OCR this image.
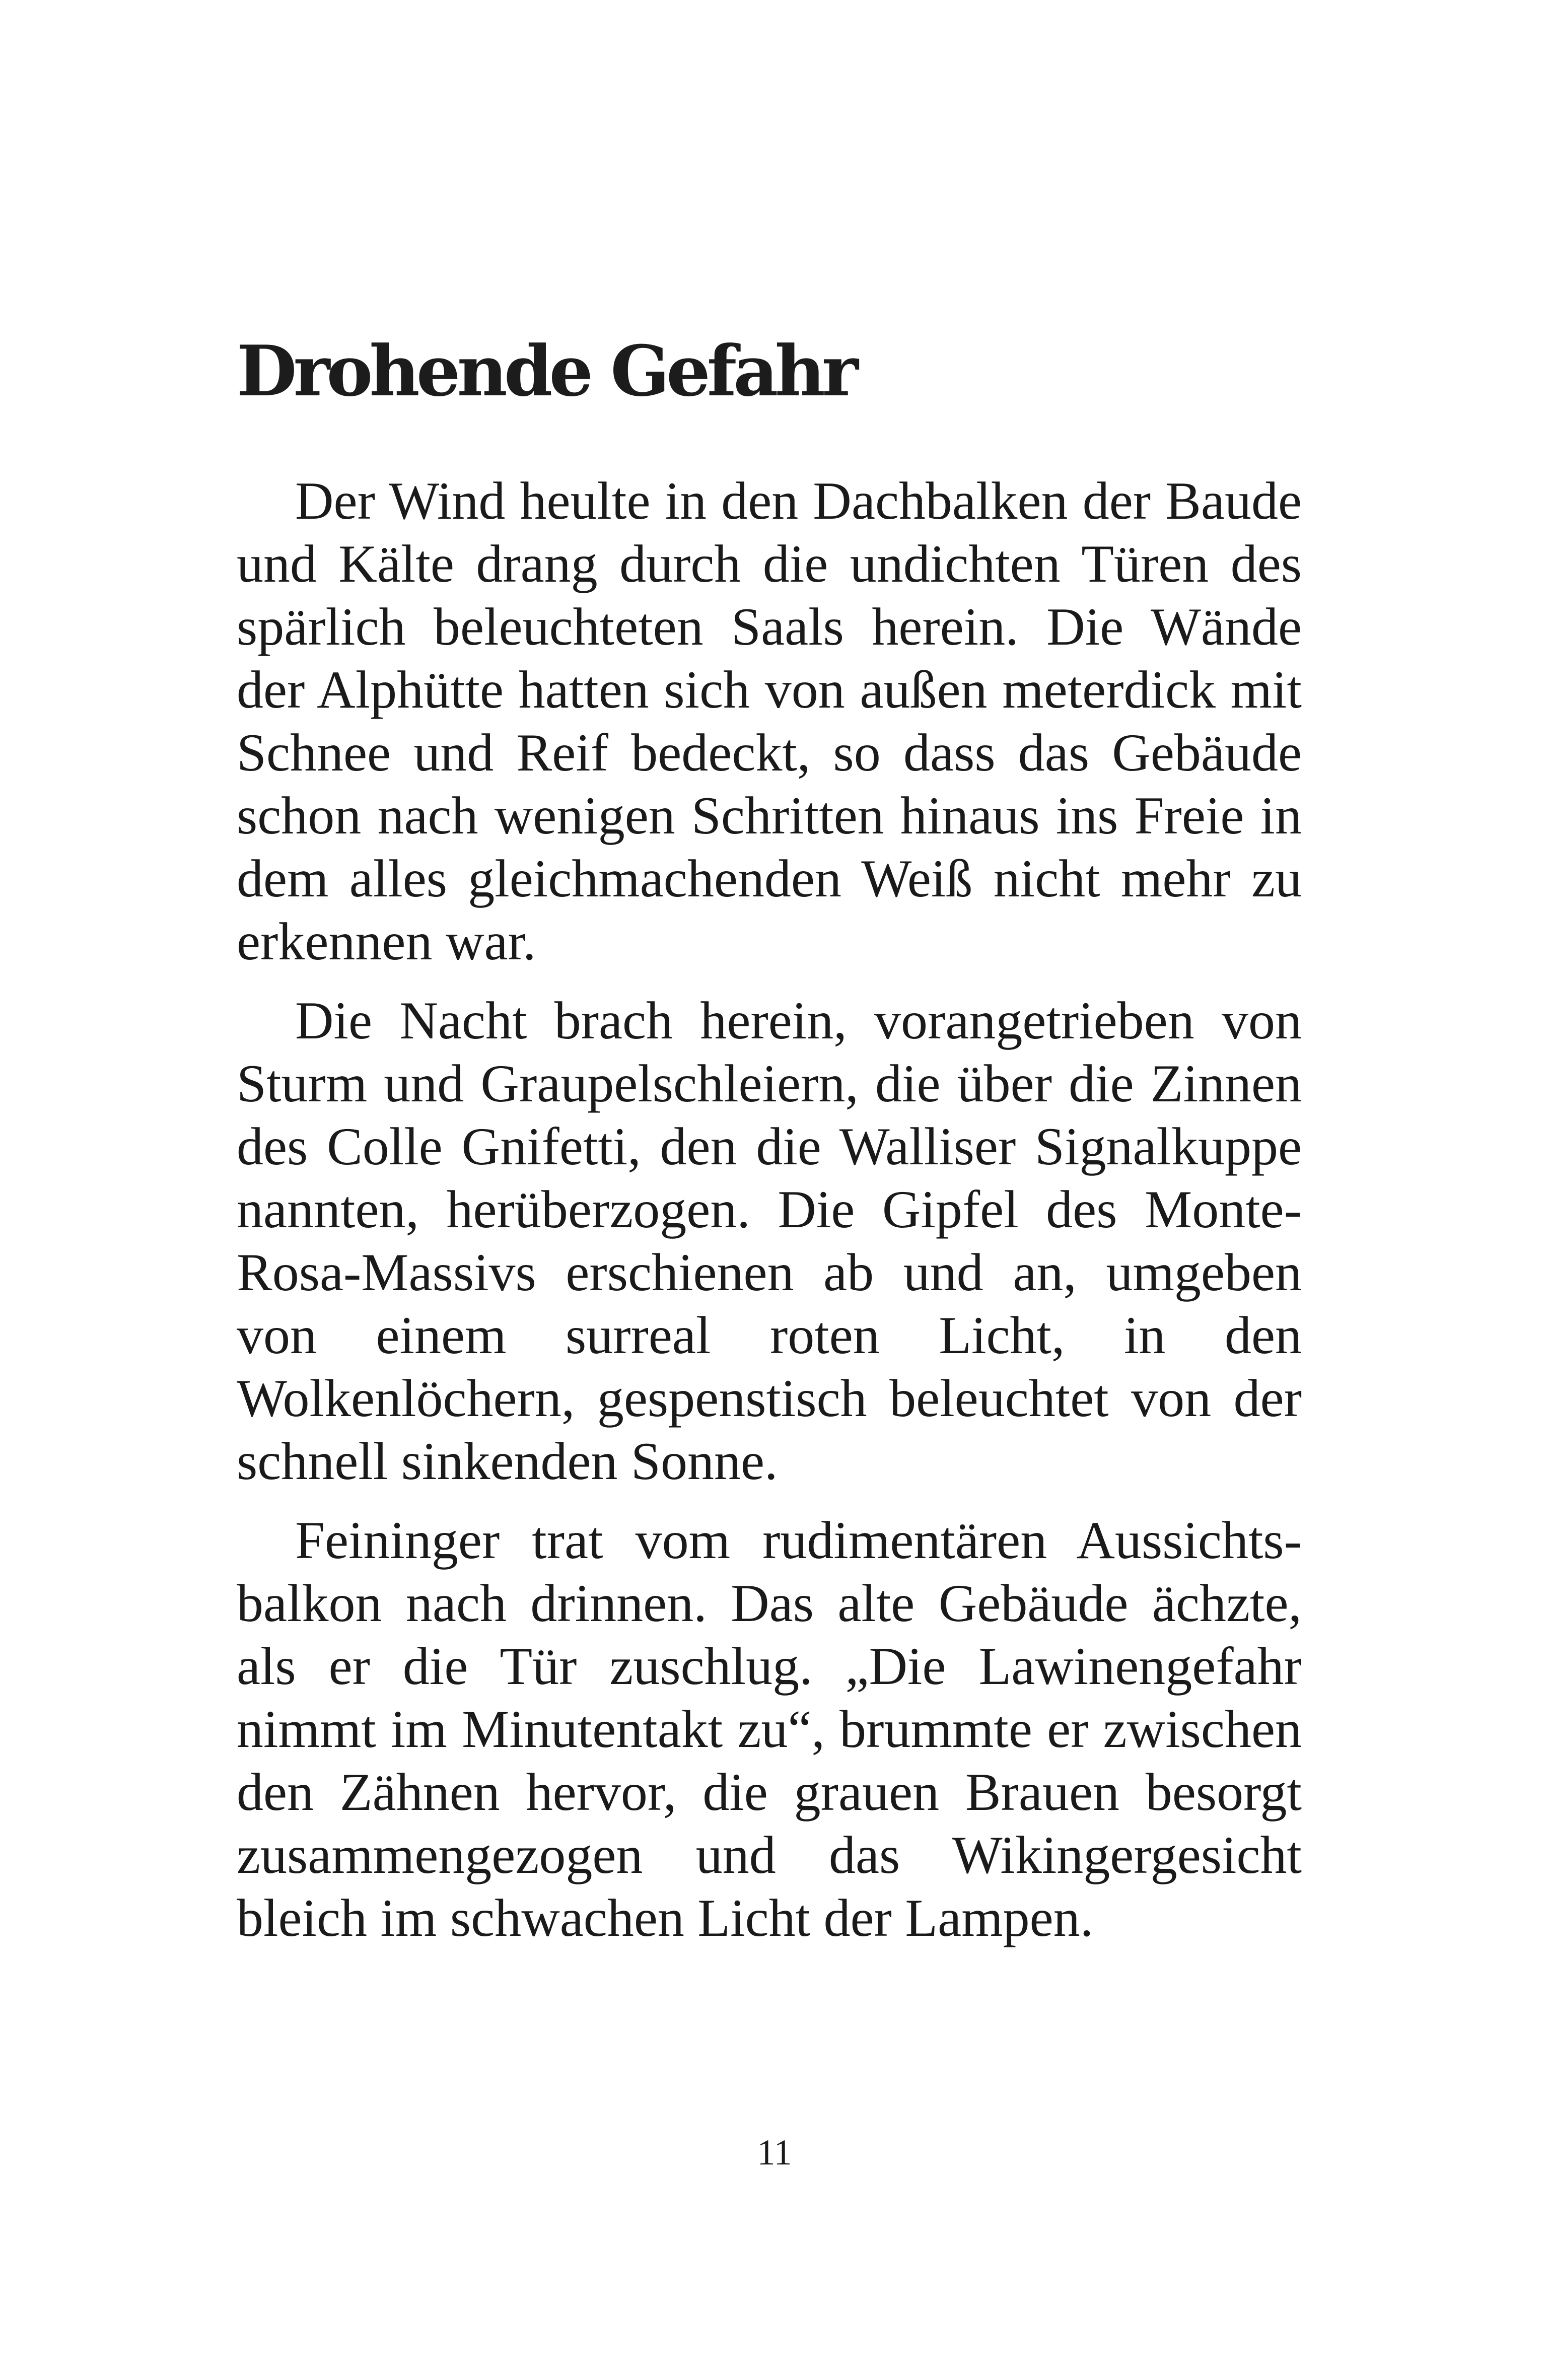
Drohende Gefahr

Der Wind heulte in den Dachbalken der Baude und Kälte drang durch die undichten Türen des spärlich beleuchteten Saals herein. Die Wände der Alphütte hatten sich von außen meterdick mit Schnee und Reif bedeckt, so dass das Gebäude schon nach wenigen Schritten hinaus ins Freie in dem alles gleichmachenden Weiß nicht mehr zu erkennen war.

Die Nacht brach herein, vorangetrieben von Sturm und Graupelschleiern, die über die Zinnen des Colle Gnifetti, den die Walliser Signalkuppe nannten, herüberzogen. Die Gipfel des Monte-Rosa-Massivs erschienen ab und an, umgeben von einem surreal roten Licht, in den Wolkenlöchern, gespenstisch beleuchtet von der schnell sinkenden Sonne.

Feininger trat vom rudimentären Aussichtsbalkon nach drinnen. Das alte Gebäude ächzte, als er die Tür zuschlug. „Die Lawinengefahr nimmt im Minutentakt zu“, brummte er zwischen den Zähnen hervor, die grauen Brauen besorgt zusammengezogen und das Wikingergesicht bleich im schwachen Licht der Lampen.

11
